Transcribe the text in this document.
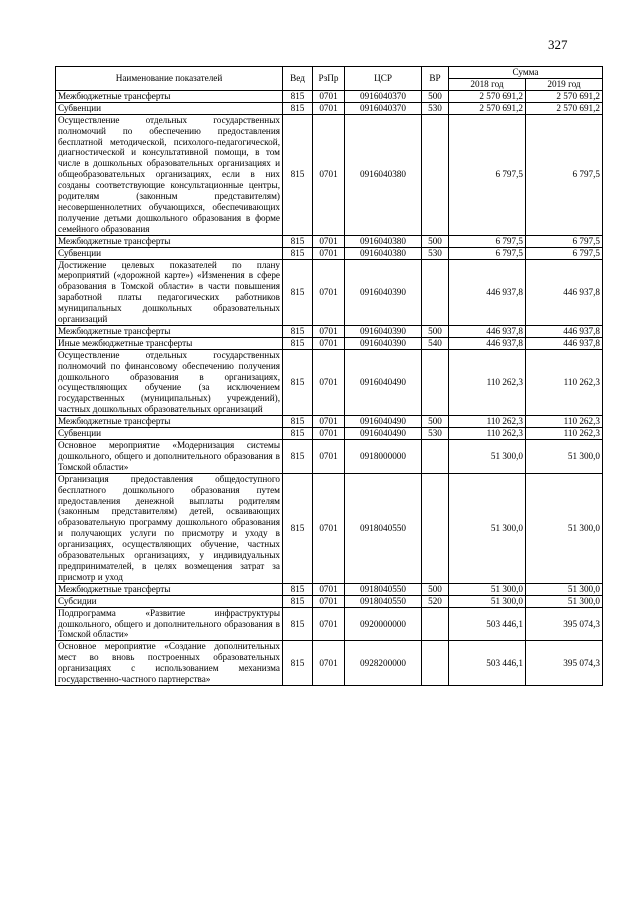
327
Наименование показателей	Вед	РзПр	ЦСР	ВР	Сумма	
					2018 год	2019 год
Межбюджетные трансферты	815	0701	0916040370	500	2 570 691,2	2 570 691,2
Субвенции	815	0701	0916040370	530	2 570 691,2	2 570 691,2
Осуществление отдельных государственных полномочий по обеспечению предоставления бесплатной методической, психолого-педагогической, диагностической и консультативной помощи, в том числе в дошкольных образовательных организациях и общеобразовательных организациях, если в них созданы соответствующие консультационные центры, родителям (законным представителям) несовершеннолетних обучающихся, обеспечивающих получение детьми дошкольного образования в форме семейного образования	815	0701	0916040380		6 797,5	6 797,5
Межбюджетные трансферты	815	0701	0916040380	500	6 797,5	6 797,5
Субвенции	815	0701	0916040380	530	6 797,5	6 797,5
Достижение целевых показателей по плану мероприятий («дорожной карте») «Изменения в сфере образования в Томской области» в части повышения заработной платы педагогических работников муниципальных дошкольных образовательных организаций	815	0701	0916040390		446 937,8	446 937,8
Межбюджетные трансферты	815	0701	0916040390	500	446 937,8	446 937,8
Иные межбюджетные трансферты	815	0701	0916040390	540	446 937,8	446 937,8
Осуществление отдельных государственных полномочий по финансовому обеспечению получения дошкольного образования в организациях, осуществляющих обучение (за исключением государственных (муниципальных) учреждений), частных дошкольных образовательных организаций	815	0701	0916040490		110 262,3	110 262,3
Межбюджетные трансферты	815	0701	0916040490	500	110 262,3	110 262,3
Субвенции	815	0701	0916040490	530	110 262,3	110 262,3
Основное мероприятие «Модернизация системы дошкольного, общего и дополнительного образования в Томской области»	815	0701	0918000000		51 300,0	51 300,0
Организация предоставления общедоступного бесплатного дошкольного образования путем предоставления денежной выплаты родителям (законным представителям) детей, осваивающих образовательную программу дошкольного образования и получающих услуги по присмотру и уходу в организациях, осуществляющих обучение, частных образовательных организациях, у индивидуальных предпринимателей, в целях возмещения затрат за присмотр и уход	815	0701	0918040550		51 300,0	51 300,0
Межбюджетные трансферты	815	0701	0918040550	500	51 300,0	51 300,0
Субсидии	815	0701	0918040550	520	51 300,0	51 300,0
Подпрограмма «Развитие инфраструктуры дошкольного, общего и дополнительного образования в Томской области»	815	0701	0920000000		503 446,1	395 074,3
Основное мероприятие «Создание дополнительных мест во вновь построенных образовательных организациях с использованием механизма государственно-частного партнерства»	815	0701	0928200000		503 446,1	395 074,3
